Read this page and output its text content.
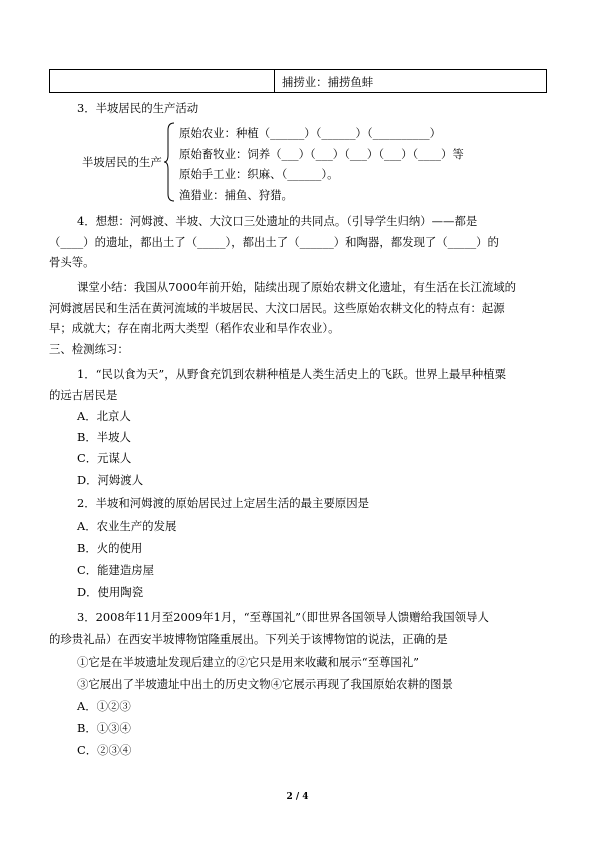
捕捞业：捕捞鱼蚌
3．半坡居民的生产活动
半坡居民的生产
原始农业：种植（______）（______）（__________）
原始畜牧业：饲养（___）（___）（___）（___）（____）等
原始手工业：织麻、（______）。
渔猎业：捕鱼、狩猎。
4．想想：河姆渡、半坡、大汶口三处遗址的共同点。（引导学生归纳）——都是
（____）的遗址，都出土了（_____），都出土了（______）和陶器，都发现了（_____）的
骨头等。
课堂小结：我国从7000年前开始，陆续出现了原始农耕文化遗址，有生活在长江流域的
河姆渡居民和生活在黄河流域的半坡居民、大汶口居民。这些原始农耕文化的特点有：起源
早；成就大；存在南北两大类型（稻作农业和旱作农业）。
三、检测练习：
1．“民以食为天”，从野食充饥到农耕种植是人类生活史上的飞跃。世界上最早种植粟
的远古居民是
A．北京人
B．半坡人
C．元谋人
D．河姆渡人
2．半坡和河姆渡的原始居民过上定居生活的最主要原因是
A．农业生产的发展
B．火的使用
C．能建造房屋
D．使用陶瓷
3．2008年11月至2009年1月，“至尊国礼”（即世界各国领导人馈赠给我国领导人
的珍贵礼品）在西安半坡博物馆隆重展出。下列关于该博物馆的说法，正确的是
①它是在半坡遗址发现后建立的②它只是用来收藏和展示“至尊国礼”
③它展出了半坡遗址中出土的历史文物④它展示再现了我国原始农耕的图景
A．①②③
B．①③④
C．②③④
2 / 4
